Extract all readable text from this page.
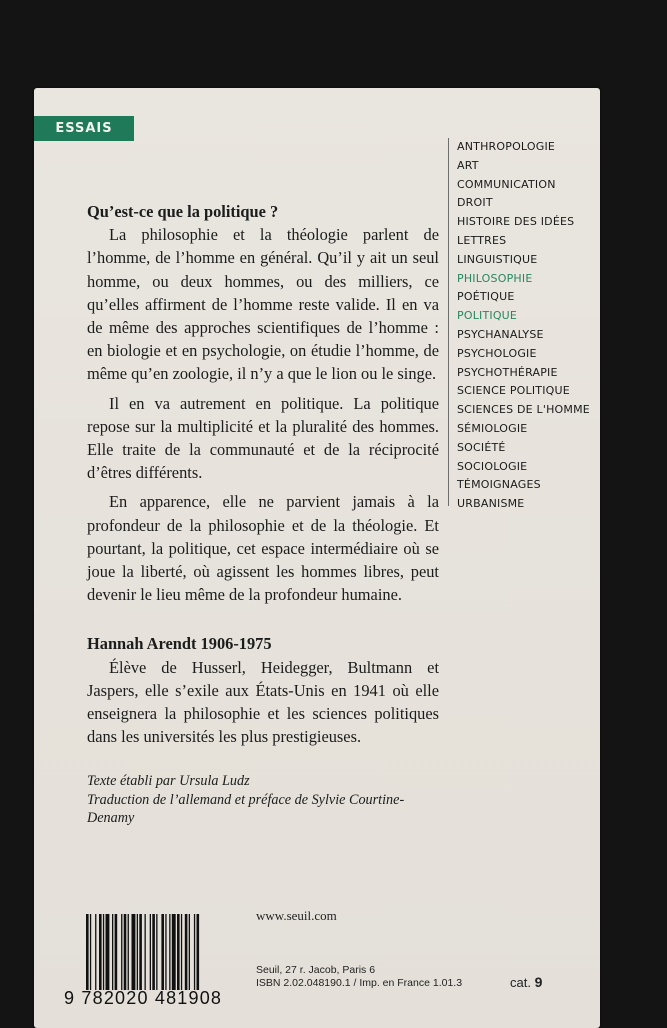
ESSAIS
ANTHROPOLOGIE
ART
COMMUNICATION
DROIT
HISTOIRE DES IDÉES
LETTRES
LINGUISTIQUE
PHILOSOPHIE
POÉTIQUE
POLITIQUE
PSYCHANALYSE
PSYCHOLOGIE
PSYCHOTHÉRAPIE
SCIENCE POLITIQUE
SCIENCES DE L'HOMME
SÉMIOLOGIE
SOCIÉTÉ
SOCIOLOGIE
TÉMOIGNAGES
URBANISME

Qu’est-ce que la politique ?

La philosophie et la théologie parlent de l’homme, de l’homme en général. Qu’il y ait un seul homme, ou deux hommes, ou des milliers, ce qu’elles affirment de l’homme reste valide. Il en va de même des approches scientifiques de l’homme : en biologie et en psychologie, on étudie l’homme, de même qu’en zoologie, il n’y a que le lion ou le singe.

Il en va autrement en politique. La politique repose sur la multiplicité et la pluralité des hommes. Elle traite de la communauté et de la réciprocité d’êtres différents.

En apparence, elle ne parvient jamais à la profondeur de la philosophie et de la théologie. Et pourtant, la politique, cet espace intermédiaire où se joue la liberté, où agissent les hommes libres, peut devenir le lieu même de la profondeur humaine.

Hannah Arendt 1906-1975

Élève de Husserl, Heidegger, Bultmann et Jaspers, elle s’exile aux États-Unis en 1941 où elle enseignera la philosophie et les sciences politiques dans les universités les plus prestigieuses.

Texte établi par Ursula Ludz
Traduction de l’allemand et préface de Sylvie Courtine-Denamy
9 782020 481908
www.seuil.com
Seuil, 27 r. Jacob, Paris 6
ISBN 2.02.048190.1 / Imp. en France 1.01.3	cat. 9
